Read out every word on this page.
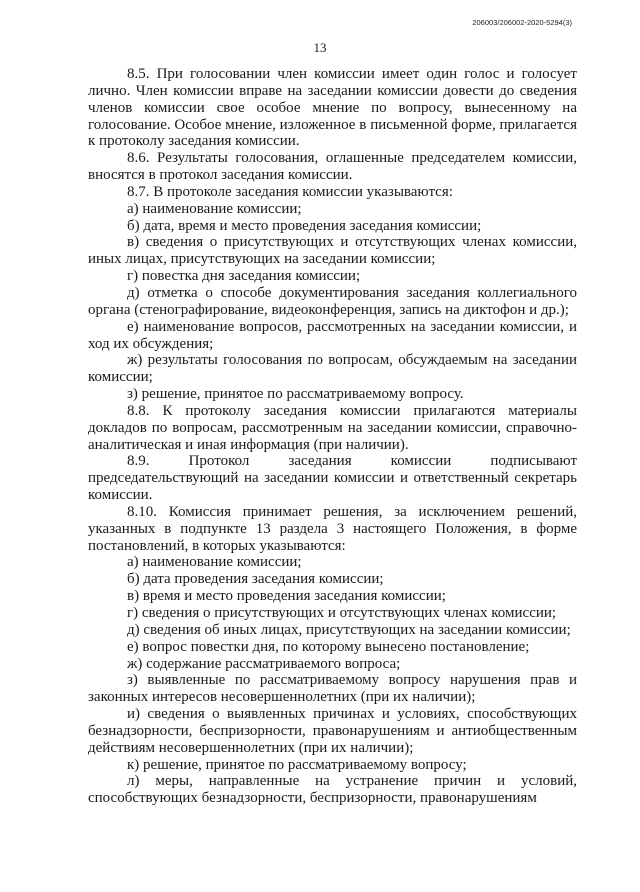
206003/206002-2020-5294(3)
13

8.5. При голосовании член комиссии имеет один голос и голосует лично. Член комиссии вправе на заседании комиссии довести до сведения членов комиссии свое особое мнение по вопросу, вынесенному на голосование. Особое мнение, изложенное в письменной форме, прилагается к протоколу заседания комиссии.

8.6. Результаты голосования, оглашенные председателем комиссии, вносятся в протокол заседания комиссии.

8.7. В протоколе заседания комиссии указываются:

а) наименование комиссии;

б) дата, время и место проведения заседания комиссии;

в) сведения о присутствующих и отсутствующих членах комиссии, иных лицах, присутствующих на заседании комиссии;

г) повестка дня заседания комиссии;

д) отметка о способе документирования заседания коллегиального органа (стенографирование, видеоконференция, запись на диктофон и др.);

е) наименование вопросов, рассмотренных на заседании комиссии, и ход их обсуждения;

ж) результаты голосования по вопросам, обсуждаемым на заседании комиссии;

з) решение, принятое по рассматриваемому вопросу.

8.8. К протоколу заседания комиссии прилагаются материалы докладов по вопросам, рассмотренным на заседании комиссии, справочно-аналитическая и иная информация (при наличии).

8.9. Протокол заседания комиссии подписывают председательствующий на заседании комиссии и ответственный секретарь комиссии.

8.10. Комиссия принимает решения, за исключением решений, указанных в подпункте 13 раздела 3 настоящего Положения, в форме постановлений, в которых указываются:

а) наименование комиссии;

б) дата проведения заседания комиссии;

в) время и место проведения заседания комиссии;

г) сведения о присутствующих и отсутствующих членах комиссии;

д) сведения об иных лицах, присутствующих на заседании комиссии;

е) вопрос повестки дня, по которому вынесено постановление;

ж) содержание рассматриваемого вопроса;

з) выявленные по рассматриваемому вопросу нарушения прав и законных интересов несовершеннолетних (при их наличии);

и) сведения о выявленных причинах и условиях, способствующих безнадзорности, беспризорности, правонарушениям и антиобщественным действиям несовершеннолетних (при их наличии);

к) решение, принятое по рассматриваемому вопросу;

л) меры, направленные на устранение причин и условий, способствующих безнадзорности, беспризорности, правонарушениям
